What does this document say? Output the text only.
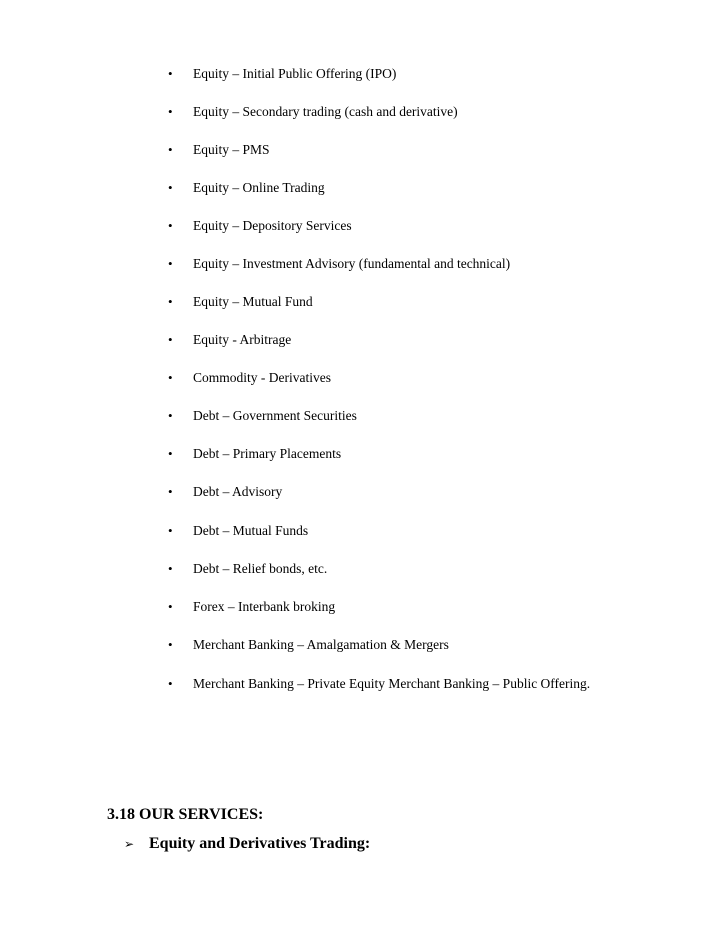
• Equity – Initial Public Offering (IPO)
• Equity – Secondary trading (cash and derivative)
• Equity – PMS
• Equity – Online Trading
• Equity – Depository Services
• Equity – Investment Advisory (fundamental and technical)
• Equity – Mutual Fund
• Equity - Arbitrage
• Commodity - Derivatives
• Debt – Government Securities
• Debt – Primary Placements
• Debt – Advisory
• Debt – Mutual Funds
• Debt – Relief bonds, etc.
• Forex – Interbank broking
• Merchant Banking – Amalgamation & Mergers
• Merchant Banking – Private Equity Merchant Banking – Public Offering.
3.18 OUR SERVICES:
➢ Equity and Derivatives Trading:
